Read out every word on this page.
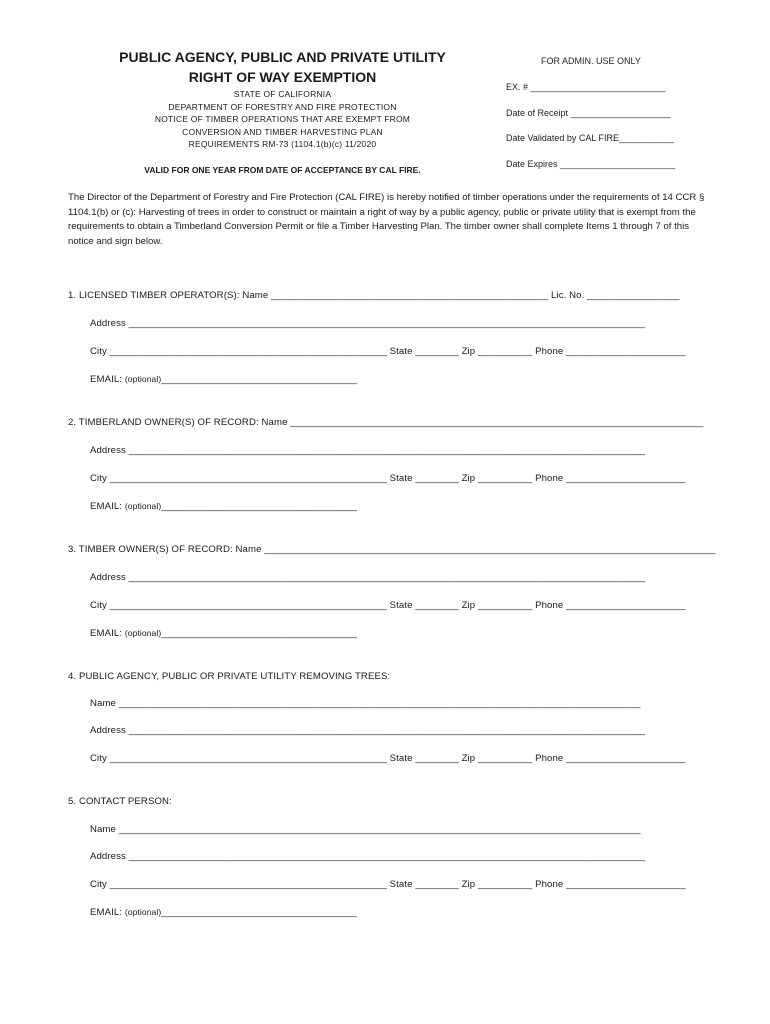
PUBLIC AGENCY, PUBLIC AND PRIVATE UTILITY
RIGHT OF WAY EXEMPTION
STATE OF CALIFORNIA
DEPARTMENT OF FORESTRY AND FIRE PROTECTION
NOTICE OF TIMBER OPERATIONS THAT ARE EXEMPT FROM
CONVERSION AND TIMBER HARVESTING PLAN
REQUIREMENTS RM-73 (1104.1(b)(c) 11/2020
VALID FOR ONE YEAR FROM DATE OF ACCEPTANCE BY CAL FIRE.
FOR ADMIN. USE ONLY
EX. # ___________________________
Date of Receipt ____________________
Date Validated by CAL FIRE___________
Date Expires _______________________
The Director of the Department of Forestry and Fire Protection (CAL FIRE) is hereby notified of timber operations under the requirements of 14 CCR § 1104.1(b) or (c): Harvesting of trees in order to construct or maintain a right of way by a public agency, public or private utility that is exempt from the requirements to obtain a Timberland Conversion Permit or file a Timber Harvesting Plan. The timber owner shall complete Items 1 through 7 of this notice and sign below.
1. LICENSED TIMBER OPERATOR(S): Name ___________________________________________________ Lic. No. _________________
Address _______________________________________________________________________________________________
City ___________________________________________________ State ________ Zip __________ Phone ______________________
EMAIL: (optional)____________________________________
2. TIMBERLAND OWNER(S) OF RECORD: Name ____________________________________________________________________________
Address _______________________________________________________________________________________________
City ___________________________________________________ State ________ Zip __________ Phone ______________________
EMAIL: (optional)____________________________________
3. TIMBER OWNER(S) OF RECORD: Name ___________________________________________________________________________________
Address _______________________________________________________________________________________________
City ___________________________________________________ State ________ Zip __________ Phone ______________________
EMAIL: (optional)____________________________________
4. PUBLIC AGENCY, PUBLIC OR PRIVATE UTILITY REMOVING TREES:
Name ________________________________________________________________________________________________
Address _______________________________________________________________________________________________
City ___________________________________________________ State ________ Zip __________ Phone ______________________
5. CONTACT PERSON:
Name ________________________________________________________________________________________________
Address _______________________________________________________________________________________________
City ___________________________________________________ State ________ Zip __________ Phone ______________________
EMAIL: (optional)____________________________________
